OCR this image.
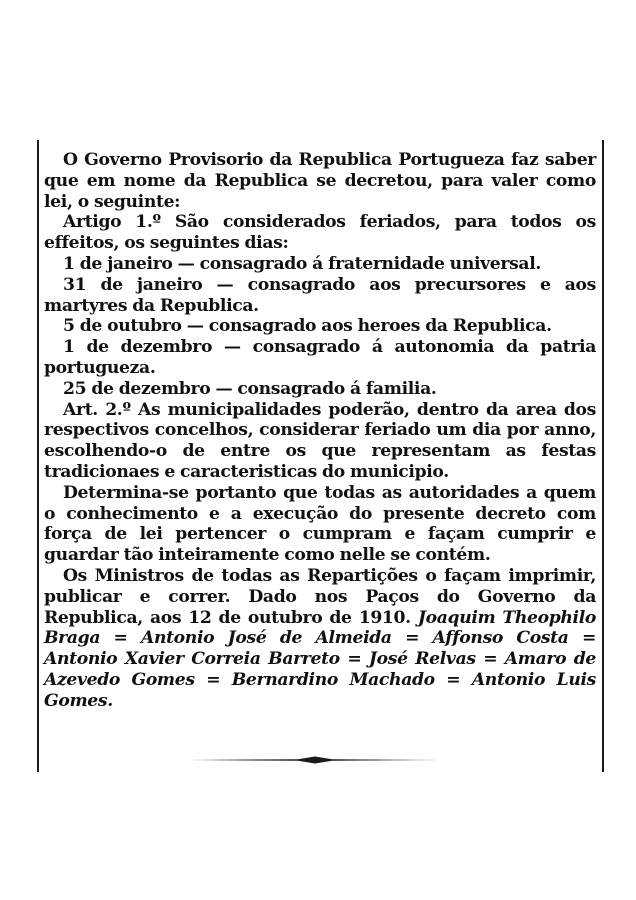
O Governo Provisorio da Republica Portugueza faz saber que em nome da Republica se decretou, para valer como lei, o seguinte:

Artigo 1.º São considerados feriados, para todos os effeitos, os seguintes dias:

1 de janeiro — consagrado á fraternidade universal.

31 de janeiro — consagrado aos precursores e aos martyres da Republica.

5 de outubro — consagrado aos heroes da Republica.

1 de dezembro — consagrado á autonomia da patria portugueza.

25 de dezembro — consagrado á familia.

Art. 2.º As municipalidades poderão, dentro da area dos respectivos concelhos, considerar feriado um dia por anno, escolhendo-o de entre os que representam as festas tradicionaes e caracteristicas do municipio.

Determina-se portanto que todas as autoridades a quem o conhecimento e a execução do presente decreto com força de lei pertencer o cumpram e façam cumprir e guardar tão inteiramente como nelle se contém.

Os Ministros de todas as Repartições o façam imprimir, publicar e correr. Dado nos Paços do Governo da Republica, aos 12 de outubro de 1910. Joaquim Theophilo Braga = Antonio José de Almeida = Affonso Costa = Antonio Xavier Correia Barreto = José Relvas = Amaro de Azevedo Gomes = Bernardino Machado = Antonio Luis Gomes.
